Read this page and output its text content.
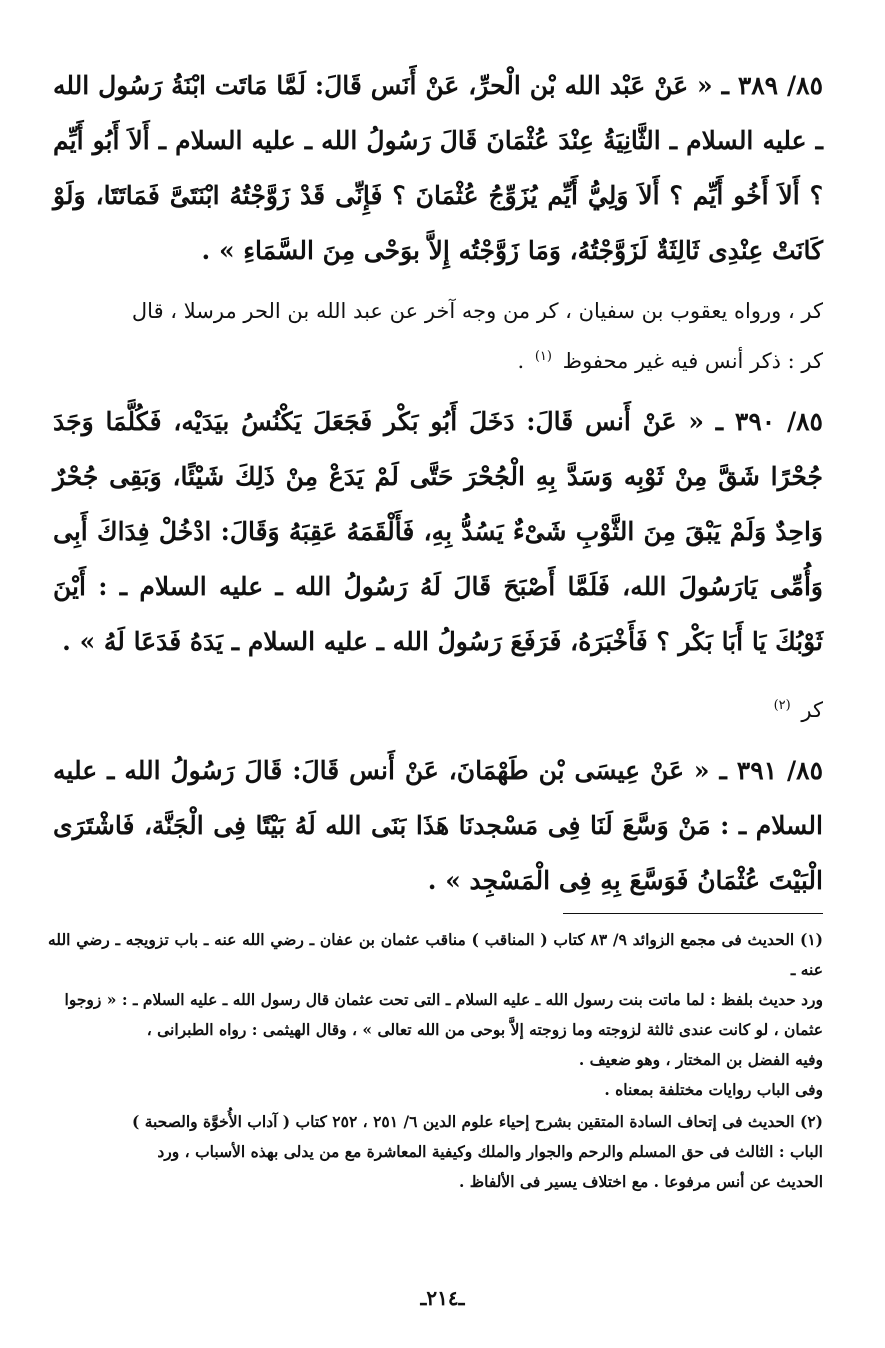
٨٥/ ٣٨٩ ـ « عَنْ عَبْد الله بْن الْحرِّ، عَنْ أَنَس قَالَ: لَمَّا مَاتَت ابْنَةُ رَسُول الله ـ عليه السلام ـ الثَّانِيَةُ عِنْدَ عُثْمَانَ قَالَ رَسُولُ الله ـ عليه السلام ـ أَلاَ أَبُو أَيِّم ؟ أَلاَ أَخُو أَيِّم ؟ أَلاَ وَلِيُّ أَيِّم يُزَوِّجُ عُثْمَانَ ؟ فَإِنِّى قَدْ زَوَّجْتُهُ ابْنَتَىَّ فَمَاتَتَا، وَلَوْ كَانَتْ عِنْدِى ثَالِثَةٌ لَزَوَّجْتُهُ، وَمَا زَوَّجْتُه إِلاَّ بوَحْى مِنَ السَّمَاءِ » .

كر ، ورواه يعقوب بن سفيان ، كر من وجه آخر عن عبد الله بن الحر مرسلا ، قال
كر : ذكر أنس فيه غير محفوظ $^{(١)}$ .

٨٥/ ٣٩٠ ـ « عَنْ أَنس قَالَ: دَخَلَ أَبُو بَكْر فَجَعَلَ يَكْنُسُ بيَدَيْه، فَكُلَّمَا وَجَدَ جُحْرًا شَقَّ مِنْ ثَوْبِه وَسَدَّ بِهِ الْجُحْرَ حَتَّى لَمْ يَدَعْ مِنْ ذَلِكَ شَيْئًا، وَبَقِى جُحْرٌ وَاحِدٌ وَلَمْ يَبْقَ مِنَ الثَّوْبِ شَىْءٌ يَسُدُّ بِهِ، فَأَلْقَمَهُ عَقِبَهُ وَقَالَ: ادْخُلْ فِدَاكَ أَبِى وَأُمِّى يَارَسُولَ الله، فَلَمَّا أَصْبَحَ قَالَ لَهُ رَسُولُ الله ـ عليه السلام ـ : أَيْنَ ثَوْبُكَ يَا أَبَا بَكْر ؟ فَأَخْبَرَهُ، فَرَفَعَ رَسُولُ الله ـ عليه السلام ـ يَدَهُ فَدَعَا لَهُ » .

كر $^{(٢)}$

٨٥/ ٣٩١ ـ « عَنْ عِيسَى بْن طَهْمَانَ، عَنْ أَنس قَالَ: قَالَ رَسُولُ الله ـ عليه السلام ـ : مَنْ وَسَّعَ لَنَا فِى مَسْجدنَا هَذَا بَنَى الله لَهُ بَيْتًا فِى الْجَنَّة، فَاشْتَرَى الْبَيْتَ عُثْمَانُ فَوَسَّعَ بِهِ فِى الْمَسْجِد » .

(١) الحديث فى مجمع الزوائد ٩/ ٨٣ كتاب ( المناقب ) مناقب عثمان بن عفان ـ رضي الله عنه ـ باب تزويجه ـ رضي الله عنه ـ

ورد حديث بلفظ : لما ماتت بنت رسول الله ـ عليه السلام ـ التى تحت عثمان قال رسول الله ـ عليه السلام ـ : « زوجوا

عثمان ، لو كانت عندى ثالثة لزوجته وما زوجته إلاَّ بوحى من الله تعالى » ، وقال الهيثمى : رواه الطبرانى ،

وفيه الفضل بن المختار ، وهو ضعيف .

وفى الباب روايات مختلفة بمعناه .

(٢) الحديث فى إتحاف السادة المتقين بشرح إحياء علوم الدين ٦/ ٢٥١ ، ٢٥٢ كتاب ( آداب الأُخوَّة والصحبة )

الباب : الثالث فى حق المسلم والرحم والجوار والملك وكيفية المعاشرة مع من يدلى بهذه الأسباب ، ورد

الحديث عن أنس مرفوعا . مع اختلاف يسير فى الألفاظ .

ـ٢١٤ـ
